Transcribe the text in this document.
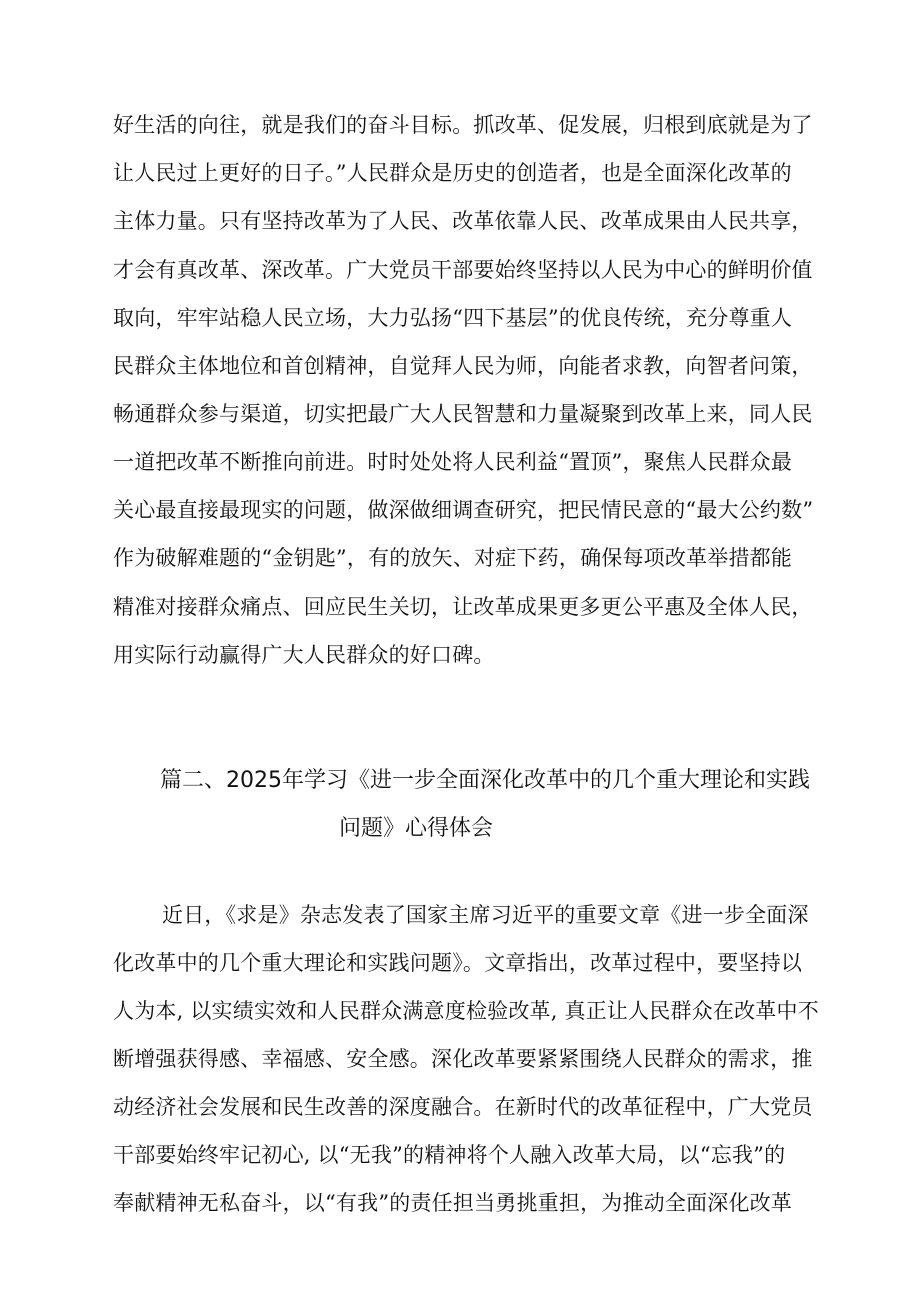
好生活的向往，就是我们的奋斗目标。抓改革、促发展，归根到底就是为了
让人民过上更好的日子。”人民群众是历史的创造者，也是全面深化改革的
主体力量。只有坚持改革为了人民、改革依靠人民、改革成果由人民共享，
才会有真改革、深改革。广大党员干部要始终坚持以人民为中心的鲜明价值
取向，牢牢站稳人民立场，大力弘扬“四下基层”的优良传统，充分尊重人
民群众主体地位和首创精神，自觉拜人民为师，向能者求教，向智者问策，
畅通群众参与渠道，切实把最广大人民智慧和力量凝聚到改革上来，同人民
一道把改革不断推向前进。时时处处将人民利益“置顶”，聚焦人民群众最
关心最直接最现实的问题，做深做细调查研究，把民情民意的“最大公约数”
作为破解难题的“金钥匙”，有的放矢、对症下药，确保每项改革举措都能
精准对接群众痛点、回应民生关切，让改革成果更多更公平惠及全体人民，
用实际行动赢得广大人民群众的好口碑。
篇二、2025年学习《进一步全面深化改革中的几个重大理论和实践
问题》心得体会
近日，《求是》杂志发表了国家主席习近平的重要文章《进一步全面深
化改革中的几个重大理论和实践问题》。文章指出，改革过程中，要坚持以
人为本, 以实绩实效和人民群众满意度检验改革, 真正让人民群众在改革中不
断增强获得感、幸福感、安全感。深化改革要紧紧围绕人民群众的需求，推
动经济社会发展和民生改善的深度融合。在新时代的改革征程中，广大党员
干部要始终牢记初心, 以“无我”的精神将个人融入改革大局，以“忘我”的
奉献精神无私奋斗，以“有我”的责任担当勇挑重担，为推动全面深化改革
